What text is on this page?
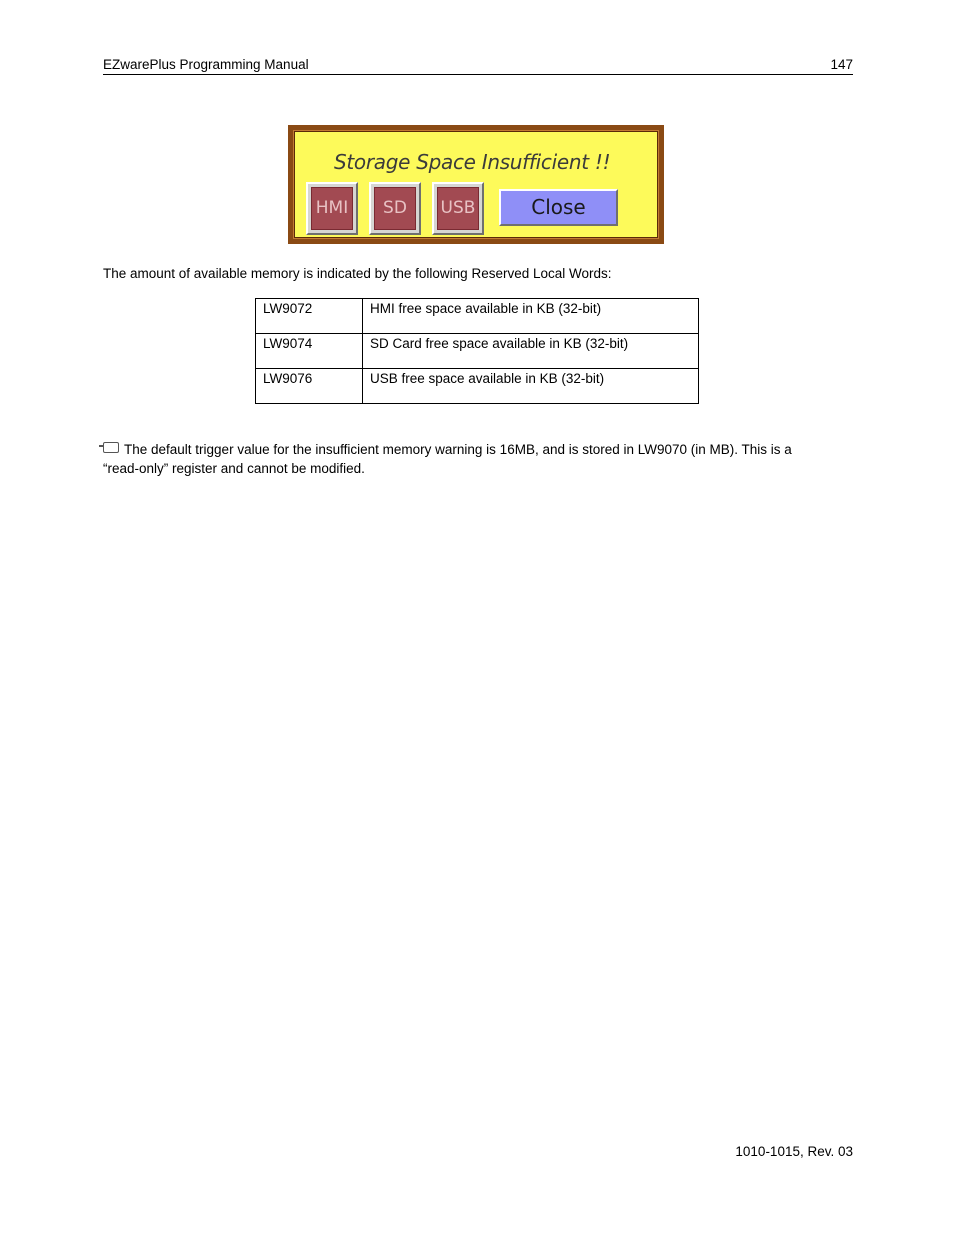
EZwarePlus Programming Manual	147
Storage Space Insufficient !!
HMI	SD	USB	Close
The amount of available memory is indicated by the following Reserved Local Words:
LW9072	HMI free space available in KB (32-bit)
LW9074	SD Card free space available in KB (32-bit)
LW9076	USB free space available in KB (32-bit)
The default trigger value for the insufficient memory warning is 16MB, and is stored in LW9070 (in MB). This is a
“read-only” register and cannot be modified.
1010-1015, Rev. 03
